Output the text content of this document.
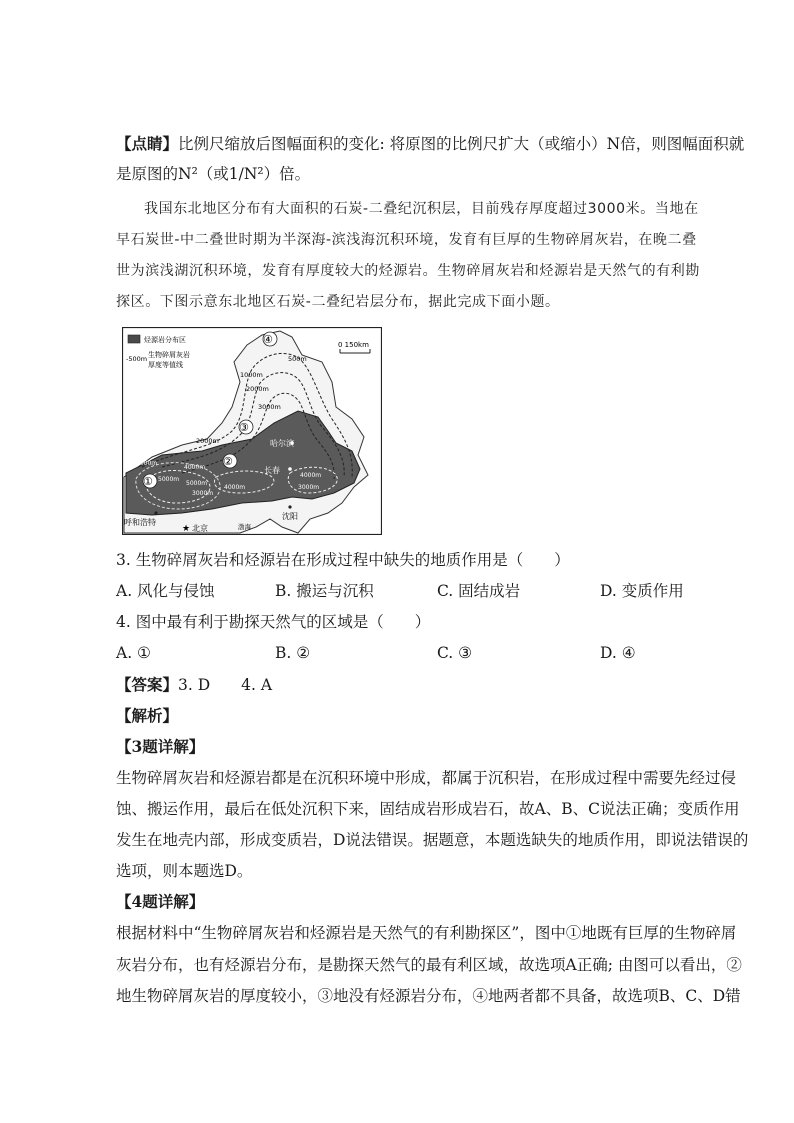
【点睛】比例尺缩放后图幅面积的变化: 将原图的比例尺扩大（或缩小）N倍，则图幅面积就
是原图的N²（或1/N²）倍。

我国东北地区分布有大面积的石炭-二叠纪沉积层，目前残存厚度超过3000米。当地在

早石炭世-中二叠世时期为半深海-滨浅海沉积环境，发育有巨厚的生物碎屑灰岩，在晚二叠

世为滨浅湖沉积环境，发育有厚度较大的烃源岩。生物碎屑灰岩和烃源岩是天然气的有利勘

探区。下图示意东北地区石炭-二叠纪岩层分布，据此完成下面小题。

0 150km
烃源岩分布区
-500m 生物碎屑灰岩
厚度等值线
500m
1000m
2000m
3000m
2000m
3000m
4000m
5000m
5000m
3000m
4000m
4000m
3000m
④
③
②
①
哈尔滨
长春
呼和浩特
★ 北京
沈阳
渤海
3. 生物碎屑灰岩和烃源岩在形成过程中缺失的地质作用是（　　）
A. 风化与侵蚀	B. 搬运与沉积	C. 固结成岩	D. 变质作用
4. 图中最有利于勘探天然气的区域是（　　）
A. ①	B. ②	C. ③	D. ④
【答案】3. D　　4. A
【解析】
【3题详解】
生物碎屑灰岩和烃源岩都是在沉积环境中形成，都属于沉积岩，在形成过程中需要先经过侵
蚀、搬运作用，最后在低处沉积下来，固结成岩形成岩石，故A、B、C说法正确；变质作用
发生在地壳内部，形成变质岩，D说法错误。据题意，本题选缺失的地质作用，即说法错误的
选项，则本题选D。
【4题详解】
根据材料中“生物碎屑灰岩和烃源岩是天然气的有利勘探区”，图中①地既有巨厚的生物碎屑
灰岩分布，也有烃源岩分布，是勘探天然气的最有利区域，故选项A正确; 由图可以看出，②
地生物碎屑灰岩的厚度较小，③地没有烃源岩分布，④地两者都不具备，故选项B、C、D错
